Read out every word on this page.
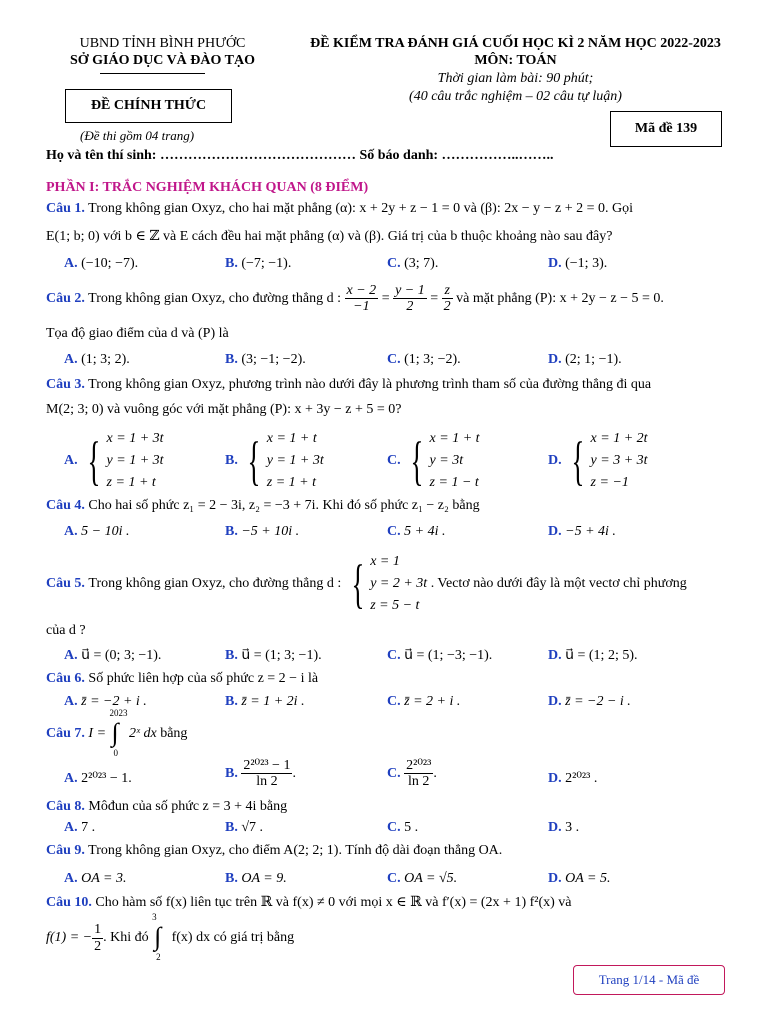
UBND TỈNH BÌNH PHƯỚC
SỞ GIÁO DỤC VÀ ĐÀO TẠO
ĐỀ CHÍNH THỨC
(Đề thi gồm 04 trang)
ĐỀ KIỂM TRA ĐÁNH GIÁ CUỐI HỌC KÌ 2 NĂM HỌC 2022-2023
MÔN: TOÁN
Thời gian làm bài: 90 phút;
(40 câu trắc nghiệm – 02 câu tự luận)
Mã đề 139
Họ và tên thí sinh: …………………………………… Số báo danh: ……………..……..
PHẦN I: TRẮC NGHIỆM KHÁCH QUAN (8 ĐIỂM)
Câu 1. Trong không gian Oxyz, cho hai mặt phẳng (α): x + 2y + z − 1 = 0 và (β): 2x − y − z + 2 = 0. Gọi
E(1; b; 0) với b ∈ ℤ và E cách đều hai mặt phẳng (α) và (β). Giá trị của b thuộc khoảng nào sau đây?
A. (−10; −7).	B. (−7; −1).	C. (3; 7).	D. (−1; 3).
Câu 2. Trong không gian Oxyz, cho đường thẳng d : $\frac{x - 2}{-1} = \frac{y - 1}{2} = \frac{z}{2}$ và mặt phẳng (P): x + 2y − z − 5 = 0.
Tọa độ giao điểm của d và (P) là
A. (1; 3; 2).	B. (3; −1; −2).	C. (1; 3; −2).	D. (2; 1; −1).
Câu 3. Trong không gian Oxyz, phương trình nào dưới đây là phương trình tham số của đường thẳng đi qua
M(2; 3; 0) và vuông góc với mặt phẳng (P): x + 3y − z + 5 = 0?
A. { x = 1 + 3t
y = 1 + 3t
z = 1 + t
B. { x = 1 + t
y = 1 + 3t
z = 1 + t
C. { x = 1 + t
y = 3t
z = 1 − t
D. { x = 1 + 2t
y = 3 + 3t
z = −1
Câu 4. Cho hai số phức z₁ = 2 − 3i, z₂ = −3 + 7i. Khi đó số phức z₁ − z₂ bằng
A. 5 − 10i .	B. −5 + 10i .	C. 5 + 4i .	D. −5 + 4i .
Câu 5. Trong không gian Oxyz, cho đường thẳng d : { x = 1
y = 2 + 3t
z = 5 − t
. Vectơ nào dưới đây là một vectơ chỉ phương
của d ?
A. u⃗ = (0; 3; −1).	B. u⃗ = (1; 3; −1).	C. u⃗ = (1; −3; −1).	D. u⃗ = (1; 2; 5).
Câu 6. Số phức liên hợp của số phức z = 2 − i là
A. z̄ = −2 + i .	B. z̄ = 1 + 2i .	C. z̄ = 2 + i .	D. z̄ = −2 − i .
Câu 7. I =
2023
∫
0
2ˣ dx bằng
A. 2²⁰²³ − 1.	B. $\frac{\text{2²⁰²³ − 1}}{\ln 2}$ .	C. $\frac{\text{2²⁰²³}}{\ln 2}$ .	D. 2²⁰²³ .
Câu 8. Môđun của số phức z = 3 + 4i bằng
A. 7 .	B. √7 .	C. 5 .	D. 3 .
Câu 9. Trong không gian Oxyz, cho điểm A(2; 2; 1). Tính độ dài đoạn thẳng OA.
A. OA = 3.	B. OA = 9.	C. OA = √5.	D. OA = 5.
Câu 10. Cho hàm số f(x) liên tục trên ℝ và f(x) ≠ 0 với mọi x ∈ ℝ và f′(x) = (2x + 1) f²(x) và
f(1) = − $\frac{1}{2}$ . Khi đó
3
∫
2
f(x) dx có giá trị bằng
Trang 1/14 - Mã đề
